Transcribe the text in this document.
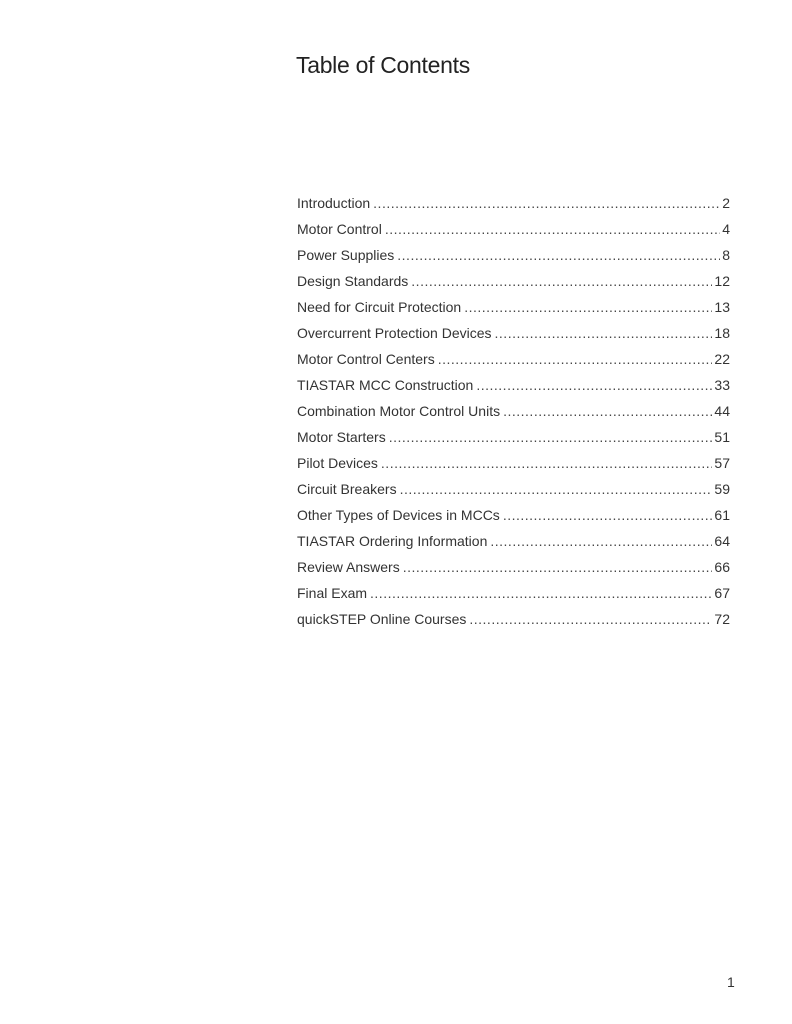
Table of Contents
Introduction .....	2
Motor Control .....	4
Power Supplies .....	8
Design Standards .....	12
Need for Circuit Protection .....	13
Overcurrent Protection Devices .....	18
Motor Control Centers .....	22
TIASTAR MCC Construction .....	33
Combination Motor Control Units .....	44
Motor Starters .....	51
Pilot Devices .....	57
Circuit Breakers .....	59
Other Types of Devices in MCCs .....	61
TIASTAR Ordering Information .....	64
Review Answers .....	66
Final Exam .....	67
quickSTEP Online Courses .....	72
1
